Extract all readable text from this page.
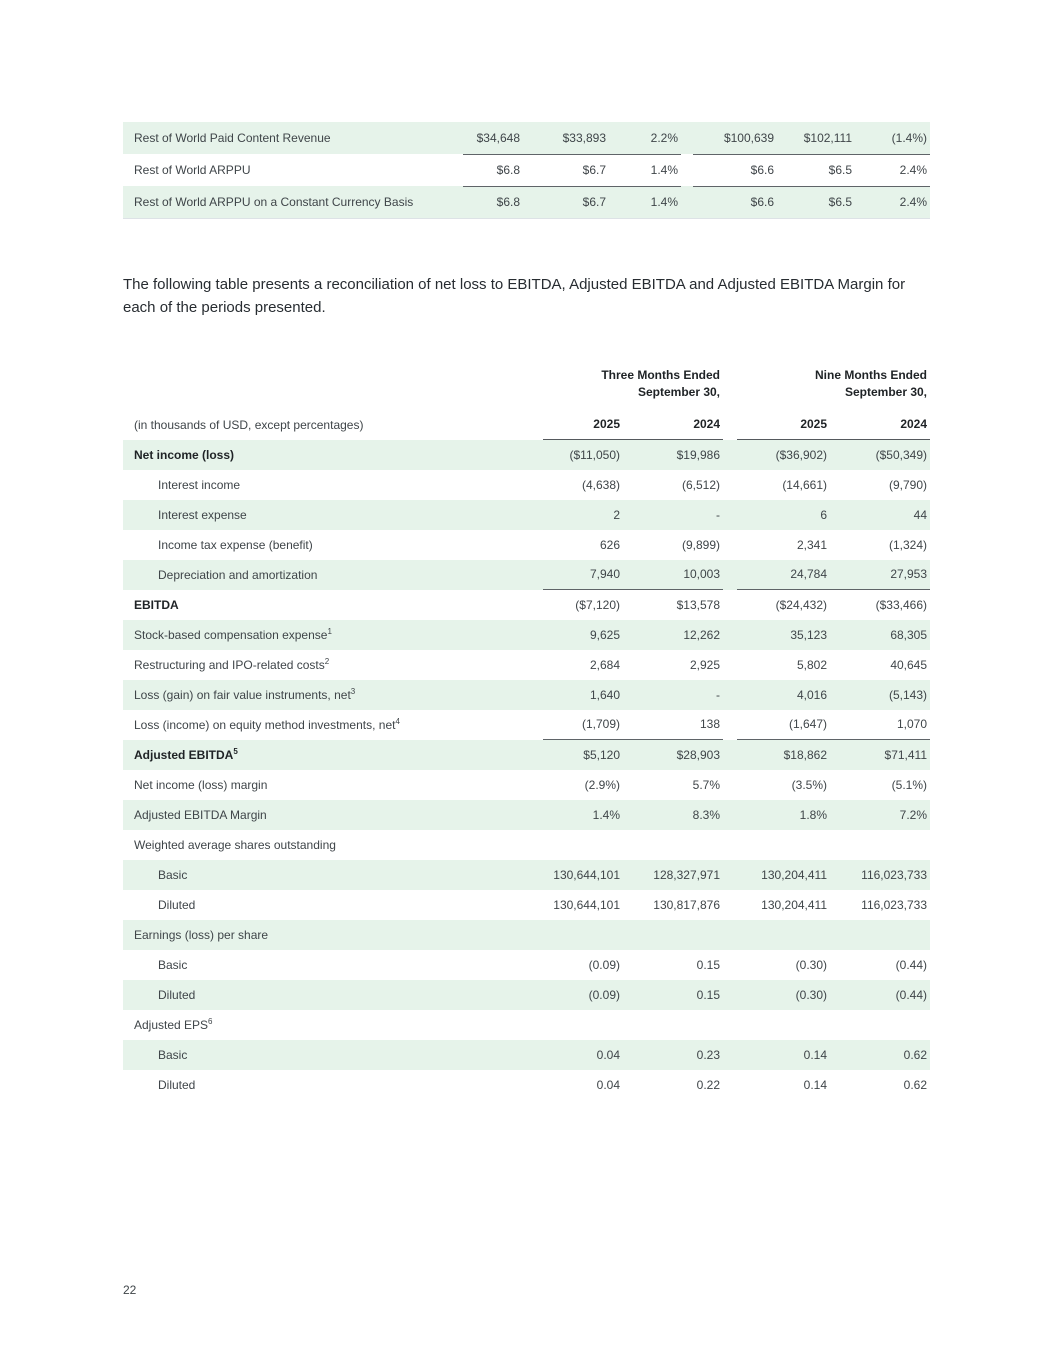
Rest of World Paid Content Revenue	$34,648	$33,893	2.2%		$100,639	$102,111	(1.4%)
Rest of World ARPPU	$6.8	$6.7	1.4%		$6.6	$6.5	2.4%
Rest of World ARPPU on a Constant Currency Basis	$6.8	$6.7	1.4%		$6.6	$6.5	2.4%

The following table presents a reconciliation of net loss to EBITDA, Adjusted EBITDA and Adjusted EBITDA Margin for each of the periods presented.

	Three Months Ended
September 30,			Nine Months Ended
September 30,	
(in thousands of USD, except percentages)	2025	2024		2025	2024
Net income (loss)	($11,050)	$19,986		($36,902)	($50,349)
Interest income	(4,638)	(6,512)		(14,661)	(9,790)
Interest expense	2	-		6	44
Income tax expense (benefit)	626	(9,899)		2,341	(1,324)
Depreciation and amortization	7,940	10,003		24,784	27,953
EBITDA	($7,120)	$13,578		($24,432)	($33,466)
Stock-based compensation expense$^1$	9,625	12,262		35,123	68,305
Restructuring and IPO-related costs$^2$	2,684	2,925		5,802	40,645
Loss (gain) on fair value instruments, net$^3$	1,640	-		4,016	(5,143)
Loss (income) on equity method investments, net$^4$	(1,709)	138		(1,647)	1,070
Adjusted EBITDA$^5$	$5,120	$28,903		$18,862	$71,411
Net income (loss) margin	(2.9%)	5.7%		(3.5%)	(5.1%)
Adjusted EBITDA Margin	1.4%	8.3%		1.8%	7.2%
Weighted average shares outstanding					
Basic	130,644,101	128,327,971		130,204,411	116,023,733
Diluted	130,644,101	130,817,876		130,204,411	116,023,733
Earnings (loss) per share					
Basic	(0.09)	0.15		(0.30)	(0.44)
Diluted	(0.09)	0.15		(0.30)	(0.44)
Adjusted EPS$^6$					
Basic	0.04	0.23		0.14	0.62
Diluted	0.04	0.22		0.14	0.62
22
